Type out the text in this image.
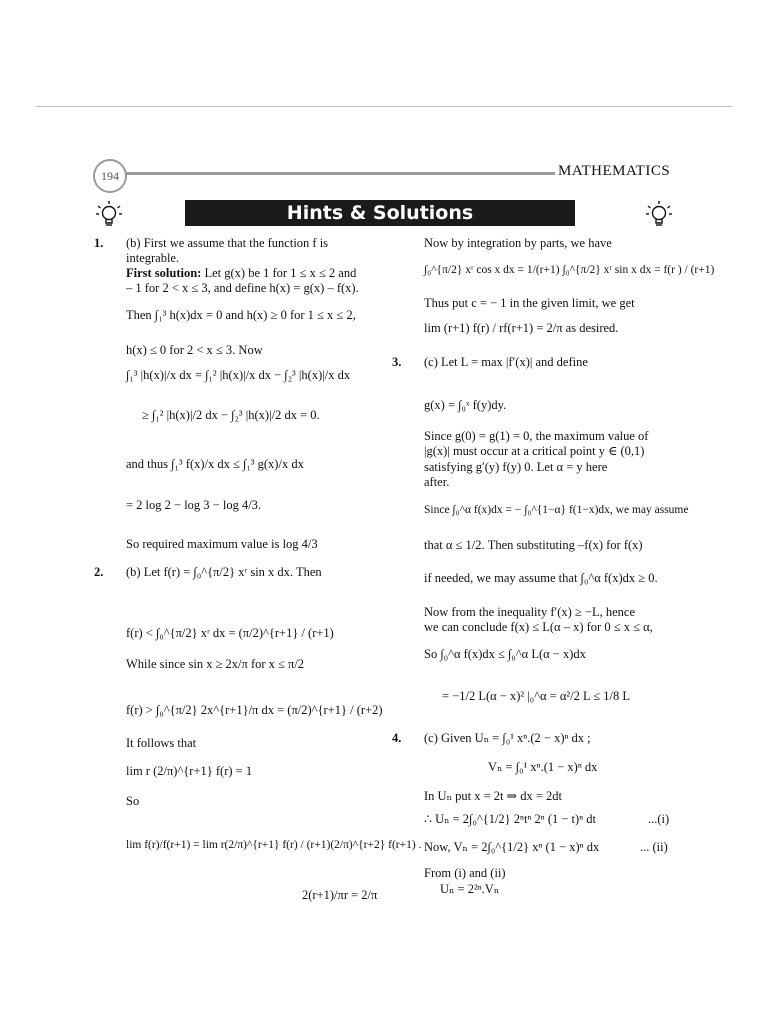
194	MATHEMATICS
Hints & Solutions
1. (b) First we assume that the function f is
integrable.
First solution: Let g(x) be 1 for 1 ≤ x ≤ 2 and
– 1 for 2 < x ≤ 3, and define h(x) = g(x) – f(x).
Then ∫₁³ h(x)dx = 0 and h(x) ≥ 0 for 1 ≤ x ≤ 2,
h(x) ≤ 0 for 2 < x ≤ 3. Now
∫₁³ |h(x)|/x dx = ∫₁² |h(x)|/x dx − ∫₂³ |h(x)|/x dx
≥ ∫₁² |h(x)|/2 dx − ∫₂³ |h(x)|/2 dx = 0.
and thus ∫₁³ f(x)/x dx ≤ ∫₁³ g(x)/x dx
= 2 log 2 − log 3 − log 4/3.
So required maximum value is log 4/3
2. (b) Let f(r) = ∫₀^{π/2} xʳ sin x dx. Then
f(r) < ∫₀^{π/2} xʳ dx = (π/2)^{r+1} / (r+1)
While since sin x ≥ 2x/π for x ≤ π/2
f(r) > ∫₀^{π/2} 2x^{r+1}/π dx = (π/2)^{r+1} / (r+2)
It follows that
lim r (2/π)^{r+1} f(r) = 1
So
lim f(r)/f(r+1) = lim r(2/π)^{r+1} f(r) / (r+1)(2/π)^{r+2} f(r+1) .
2(r+1)/πr = 2/π
Now by integration by parts, we have
∫₀^{π/2} xʳ cos x dx = 1/(r+1) ∫₀^{π/2} xʳ sin x dx = f(r ) / (r+1)
Thus put c = − 1 in the given limit, we get
lim (r+1) f(r) / rf(r+1) = 2/π as desired.
3. (c) Let L = max |f′(x)| and define
g(x) = ∫₀ˣ f(y)dy.
Since g(0) = g(1) = 0, the maximum value of
|g(x)| must occur at a critical point y ∈ (0,1)
satisfying g′(y) f(y) 0. Let α = y here
after.
Since ∫₀^α f(x)dx = − ∫₀^{1−α} f(1−x)dx, we may assume
that α ≤ 1/2. Then substituting –f(x) for f(x)
if needed, we may assume that ∫₀^α f(x)dx ≥ 0.
Now from the inequality f′(x) ≥ −L, hence
we can conclude f(x) ≤ L(α – x) for 0 ≤ x ≤ α,
So ∫₀^α f(x)dx ≤ ∫₀^α L(α − x)dx
= −1/2 L(α − x)² |₀^α = α²/2 L ≤ 1/8 L
4. (c) Given Uₙ = ∫₀¹ xⁿ.(2 − x)ⁿ dx ;
Vₙ = ∫₀¹ xⁿ.(1 − x)ⁿ dx
In Uₙ put x = 2t ⇒ dx = 2dt
∴ Uₙ = 2∫₀^{1/2} 2ⁿtⁿ 2ⁿ (1 − t)ⁿ dt	...(i)
Now, Vₙ = 2∫₀^{1/2} xⁿ (1 − x)ⁿ dx	... (ii)
From (i) and (ii)
Uₙ = 2²ⁿ.Vₙ
